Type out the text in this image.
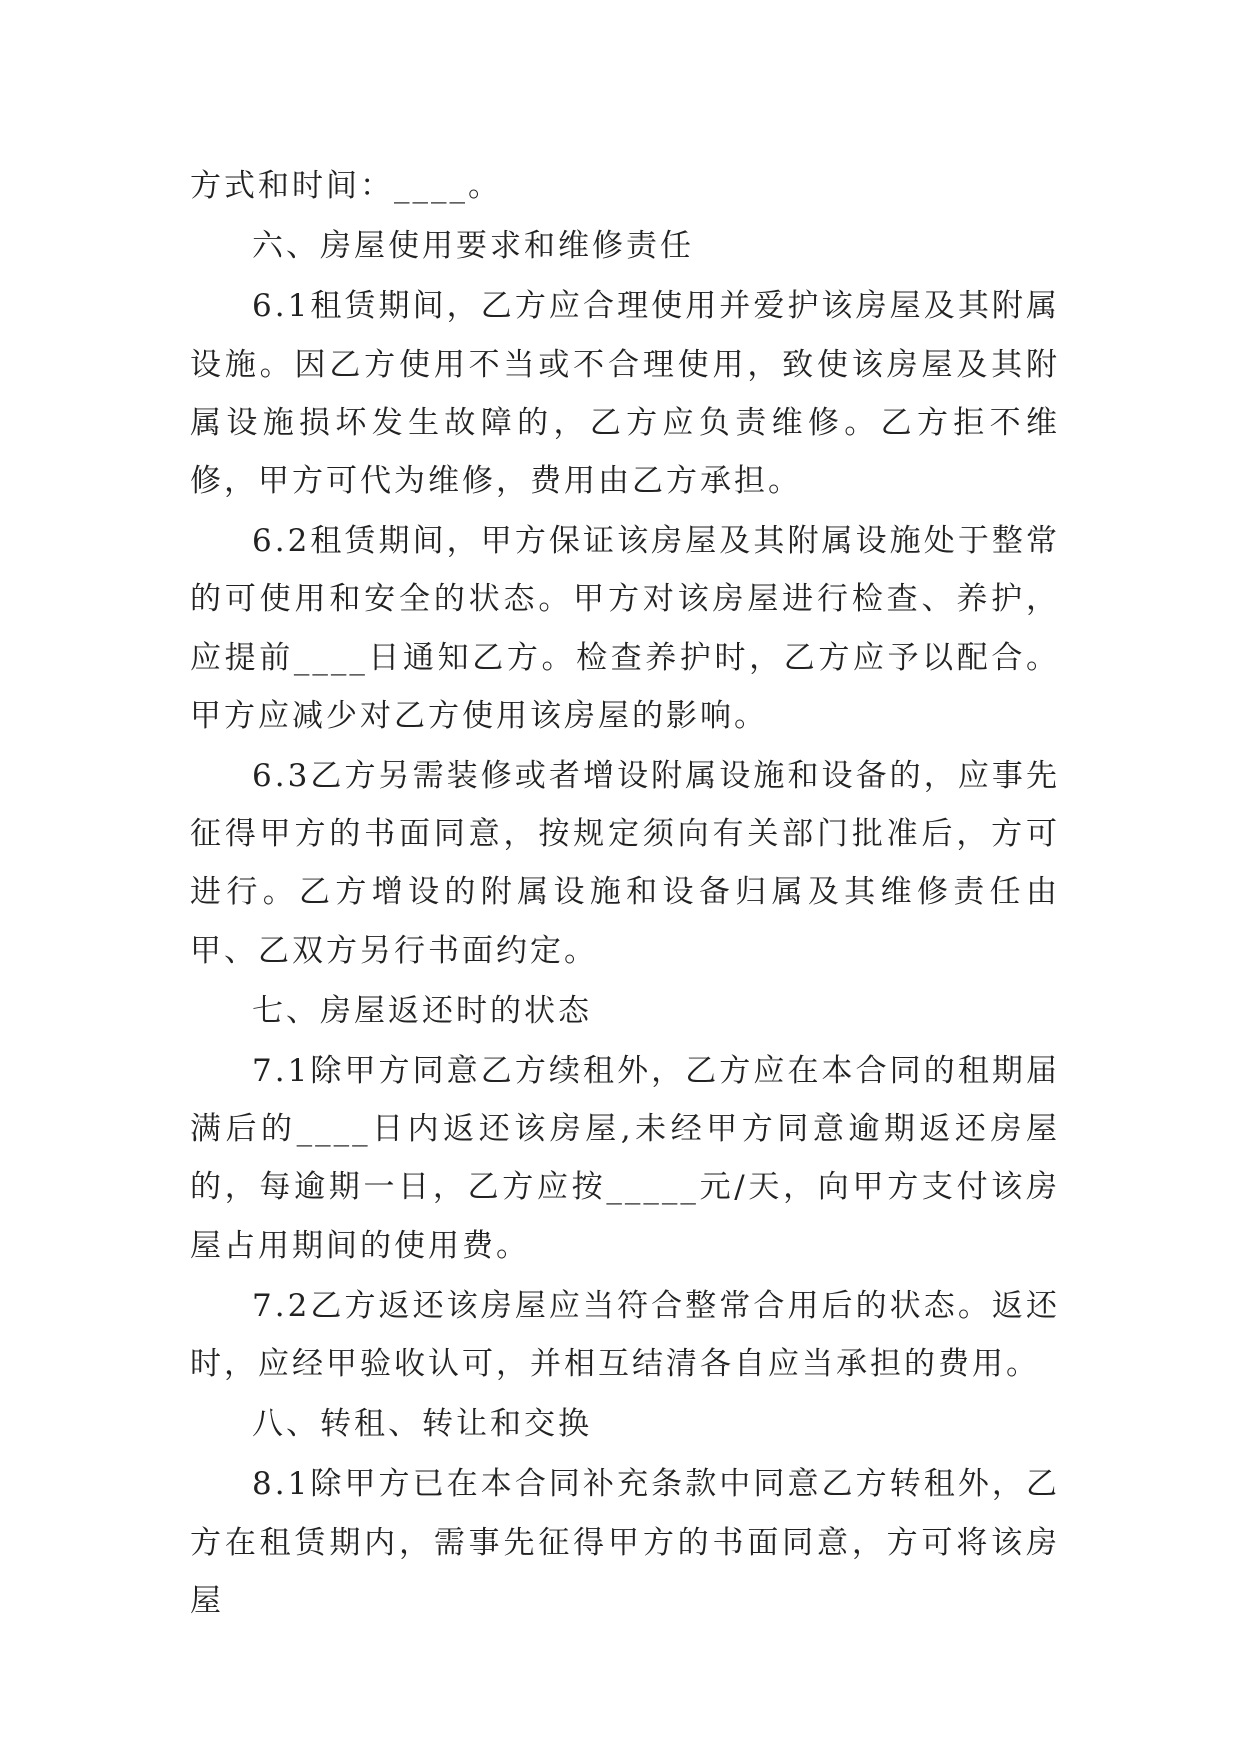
方式和时间：____。

六、房屋使用要求和维修责任

6.1租赁期间，乙方应合理使用并爱护该房屋及其附属设施。因乙方使用不当或不合理使用，致使该房屋及其附属设施损坏发生故障的，乙方应负责维修。乙方拒不维修，甲方可代为维修，费用由乙方承担。

6.2租赁期间，甲方保证该房屋及其附属设施处于整常的可使用和安全的状态。甲方对该房屋进行检查、养护，应提前____日通知乙方。检查养护时，乙方应予以配合。甲方应减少对乙方使用该房屋的影响。

6.3乙方另需装修或者增设附属设施和设备的，应事先征得甲方的书面同意，按规定须向有关部门批准后，方可进行。乙方增设的附属设施和设备归属及其维修责任由甲、乙双方另行书面约定。

七、房屋返还时的状态

7.1除甲方同意乙方续租外，乙方应在本合同的租期届满后的____日内返还该房屋,未经甲方同意逾期返还房屋的，每逾期一日，乙方应按_____元/天，向甲方支付该房屋占用期间的使用费。

7.2乙方返还该房屋应当符合整常合用后的状态。返还时，应经甲验收认可，并相互结清各自应当承担的费用。

八、转租、转让和交换

8.1除甲方已在本合同补充条款中同意乙方转租外，乙方在租赁期内，需事先征得甲方的书面同意，方可将该房屋
